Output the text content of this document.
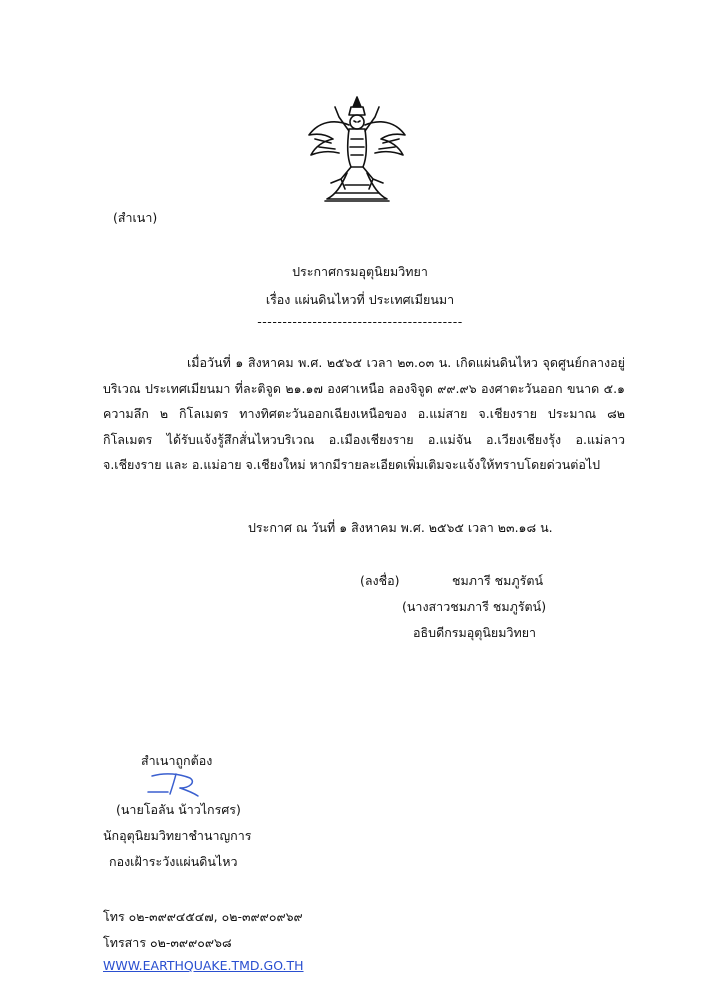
(สำเนา)
ประกาศกรมอุตุนิยมวิทยา
เรื่อง แผ่นดินไหวที่ ประเทศเมียนมา
-----------------------------------------
เมื่อวันที่ ๑ สิงหาคม พ.ศ. ๒๕๖๕ เวลา ๒๓.๐๓ น. เกิดแผ่นดินไหว จุดศูนย์กลางอยู่บริเวณ ประเทศเมียนมา ที่ละติจูด ๒๑.๑๗ องศาเหนือ ลองจิจูด ๙๙.๙๖ องศาตะวันออก ขนาด ๕.๑ ความลึก ๒ กิโลเมตร ทางทิศตะวันออกเฉียงเหนือของ อ.แม่สาย จ.เชียงราย ประมาณ ๘๒ กิโลเมตร ได้รับแจ้งรู้สึกสั่นไหวบริเวณ อ.เมืองเชียงราย อ.แม่จัน อ.เวียงเชียงรุ้ง อ.แม่ลาว จ.เชียงราย และ อ.แม่อาย จ.เชียงใหม่ หากมีรายละเอียดเพิ่มเติมจะแจ้งให้ทราบโดยด่วนต่อไป
ประกาศ ณ วันที่ ๑ สิงหาคม พ.ศ. ๒๕๖๕ เวลา ๒๓.๑๘ น.
(ลงชื่อ)	ชมภารี ชมภูรัตน์
(นางสาวชมภารี ชมภูรัตน์)
อธิบดีกรมอุตุนิยมวิทยา
สำเนาถูกต้อง
(นายโอลัน น้าวไกรศร)
นักอุตุนิยมวิทยาชำนาญการ
กองเฝ้าระวังแผ่นดินไหว
โทร ๐๒-๓๙๙๔๕๔๗, ๐๒-๓๙๙๐๙๖๙
โทรสาร ๐๒-๓๙๙๐๙๖๘
WWW.EARTHQUAKE.TMD.GO.TH
